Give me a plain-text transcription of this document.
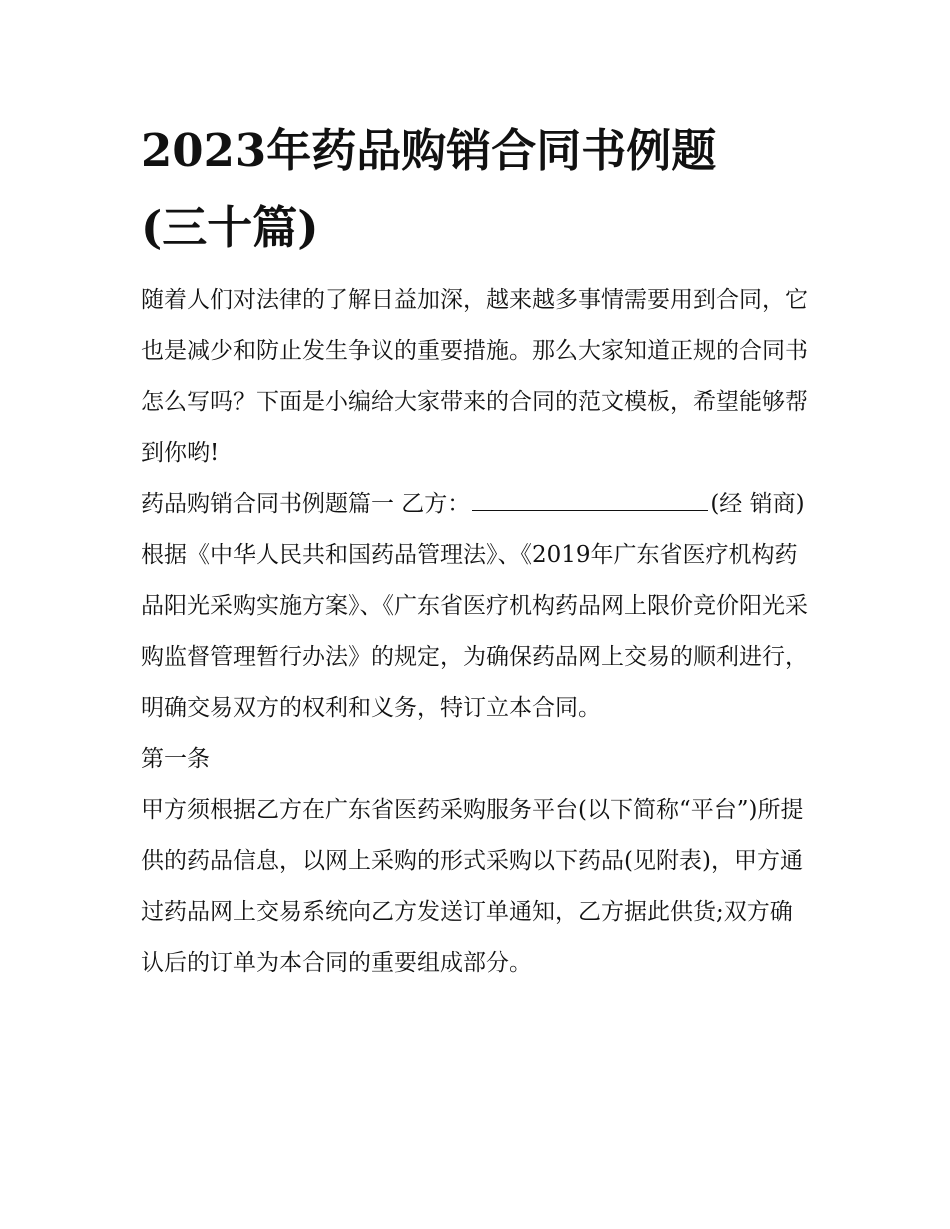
2023年药品购销合同书例题
(三十篇)

随着人们对法律的了解日益加深，越来越多事情需要用到合同，它也是减少和防止发生争议的重要措施。那么大家知道正规的合同书怎么写吗？下面是小编给大家带来的合同的范文模板，希望能够帮到你哟!

药品购销合同书例题篇一 乙方：	(经 销商)

根据《中华人民共和国药品管理法》、《2019年广东省医疗机构药品阳光采购实施方案》、《广东省医疗机构药品网上限价竞价阳光采购监督管理暂行办法》的规定，为确保药品网上交易的顺利进行，明确交易双方的权利和义务，特订立本合同。

第一条

甲方须根据乙方在广东省医药采购服务平台(以下简称“平台”)所提供的药品信息，以网上采购的形式采购以下药品(见附表)，甲方通过药品网上交易系统向乙方发送订单通知，乙方据此供货;双方确认后的订单为本合同的重要组成部分。
